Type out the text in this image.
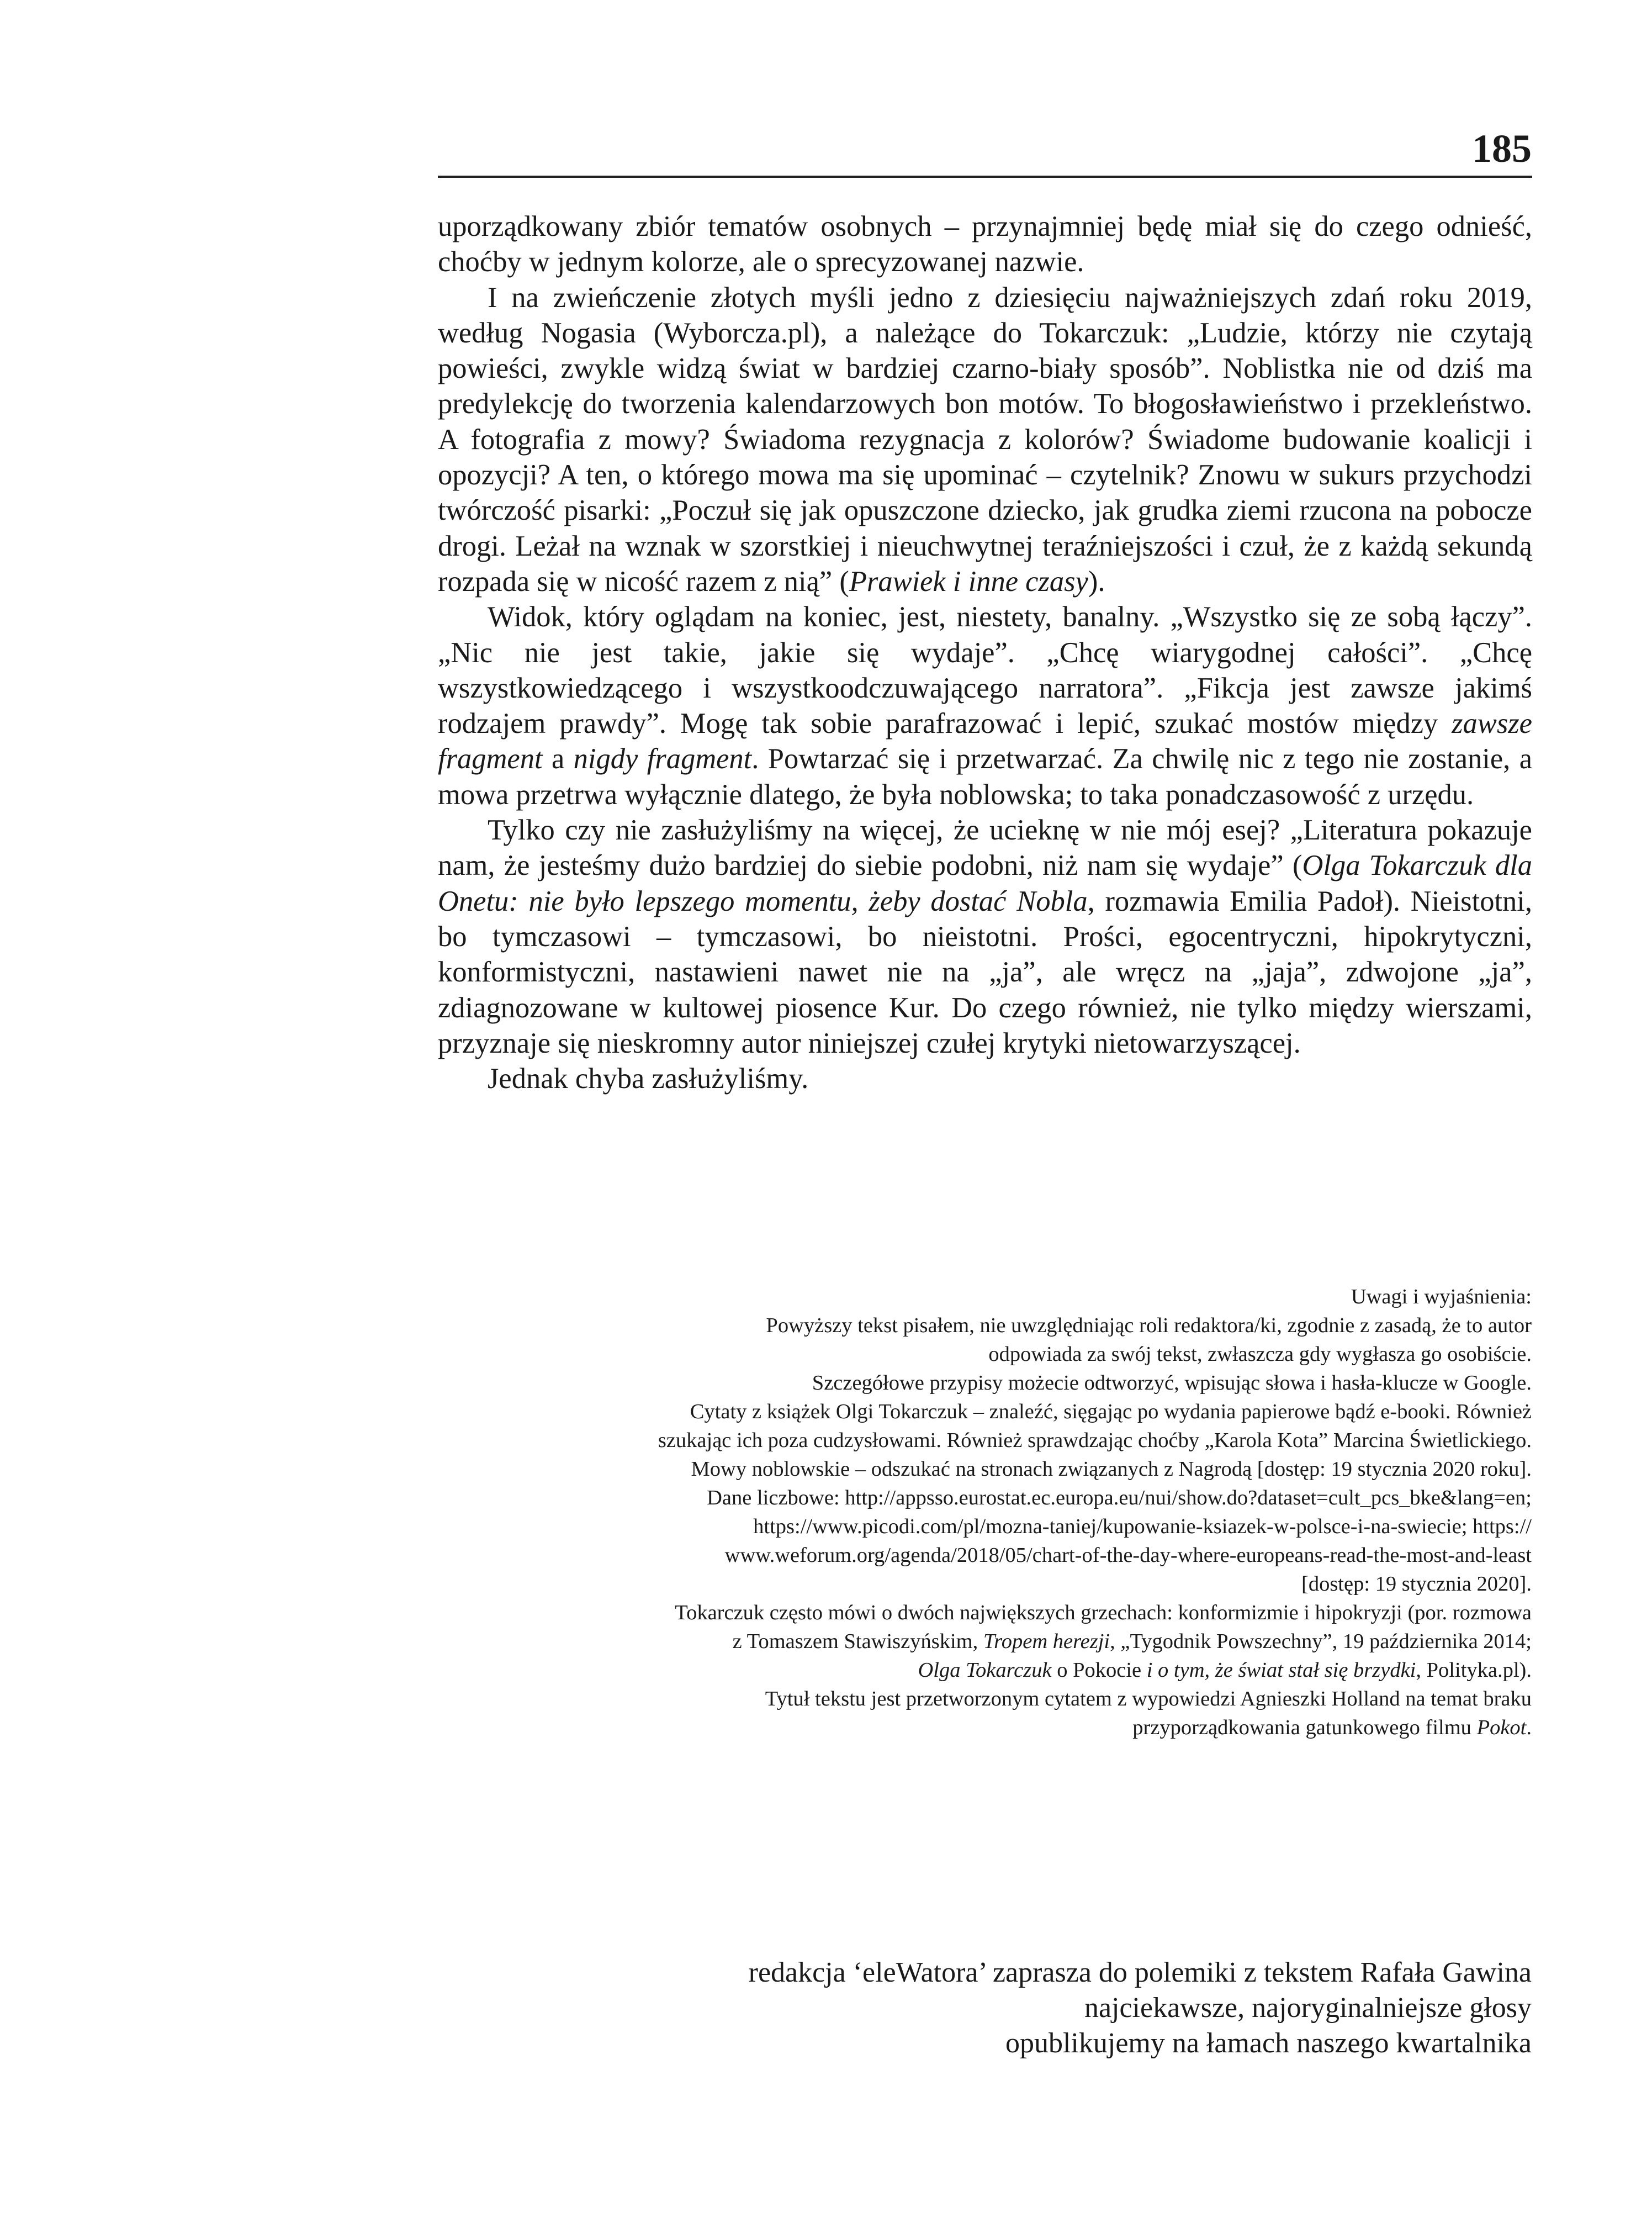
185

uporządkowany zbiór tematów osobnych – przynajmniej będę miał się do czego odnieść, choćby w jednym kolorze, ale o sprecyzowanej nazwie.

I na zwieńczenie złotych myśli jedno z dziesięciu najważniejszych zdań roku 2019, według Nogasia (Wyborcza.pl), a należące do Tokarczuk: „Ludzie, którzy nie czytają powieści, zwykle widzą świat w bardziej czarno-biały sposób”. Noblistka nie od dziś ma predylekcję do tworzenia kalendarzowych bon motów. To błogosławieństwo i przekleństwo. A fotografia z mowy? Świadoma rezygnacja z kolorów? Świadome budowanie koalicji i opozycji? A ten, o którego mowa ma się upominać – czytelnik? Znowu w sukurs przychodzi twórczość pisarki: „Poczuł się jak opuszczone dziecko, jak grudka ziemi rzucona na pobocze drogi. Leżał na wznak w szorstkiej i nieuchwytnej teraźniejszości i czuł, że z każdą sekundą rozpada się w nicość razem z nią” (Prawiek i inne czasy).

Widok, który oglądam na koniec, jest, niestety, banalny. „Wszystko się ze sobą łączy”. „Nic nie jest takie, jakie się wydaje”. „Chcę wiarygodnej całości”. „Chcę wszystkowiedzącego i wszystkoodczuwającego narratora”. „Fikcja jest zawsze jakimś rodzajem prawdy”. Mogę tak sobie parafrazować i lepić, szukać mostów między zawsze fragment a nigdy fragment. Powtarzać się i przetwarzać. Za chwilę nic z tego nie zostanie, a mowa przetrwa wyłącznie dlatego, że była noblowska; to taka ponadczasowość z urzędu.

Tylko czy nie zasłużyliśmy na więcej, że ucieknę w nie mój esej? „Literatura pokazuje nam, że jesteśmy dużo bardziej do siebie podobni, niż nam się wydaje” (Olga Tokarczuk dla Onetu: nie było lepszego momentu, żeby dostać Nobla, rozmawia Emilia Padoł). Nieistotni, bo tymczasowi – tymczasowi, bo nieistotni. Prości, egocentryczni, hipokrytyczni, konformistyczni, nastawieni nawet nie na „ja”, ale wręcz na „jaja”, zdwojone „ja”, zdiagnozowane w kultowej piosence Kur. Do czego również, nie tylko między wierszami, przyznaje się nieskromny autor niniejszej czułej krytyki nietowarzyszącej.

Jednak chyba zasłużyliśmy.

Uwagi i wyjaśnienia:

Powyższy tekst pisałem, nie uwzględniając roli redaktora/ki, zgodnie z zasadą, że to autor

odpowiada za swój tekst, zwłaszcza gdy wygłasza go osobiście.

Szczegółowe przypisy możecie odtworzyć, wpisując słowa i hasła-klucze w Google.

Cytaty z książek Olgi Tokarczuk – znaleźć, sięgając po wydania papierowe bądź e-booki. Również

szukając ich poza cudzysłowami. Również sprawdzając choćby „Karola Kota” Marcina Świetlickiego.

Mowy noblowskie – odszukać na stronach związanych z Nagrodą [dostęp: 19 stycznia 2020 roku].

Dane liczbowe: http://appsso.eurostat.ec.europa.eu/nui/show.do?dataset=cult_pcs_bke&lang=en;

https://www.picodi.com/pl/mozna-taniej/kupowanie-ksiazek-w-polsce-i-na-swiecie; https://

www.weforum.org/agenda/2018/05/chart-of-the-day-where-europeans-read-the-most-and-least

[dostęp: 19 stycznia 2020].

Tokarczuk często mówi o dwóch największych grzechach: konformizmie i hipokryzji (por. rozmowa

z Tomaszem Stawiszyńskim, Tropem herezji, „Tygodnik Powszechny”, 19 października 2014;

Olga Tokarczuk o Pokocie i o tym, że świat stał się brzydki, Polityka.pl).

Tytuł tekstu jest przetworzonym cytatem z wypowiedzi Agnieszki Holland na temat braku

przyporządkowania gatunkowego filmu Pokot.

redakcja ‘eleWatora’ zaprasza do polemiki z tekstem Rafała Gawina

najciekawsze, najoryginalniejsze głosy

opublikujemy na łamach naszego kwartalnika
